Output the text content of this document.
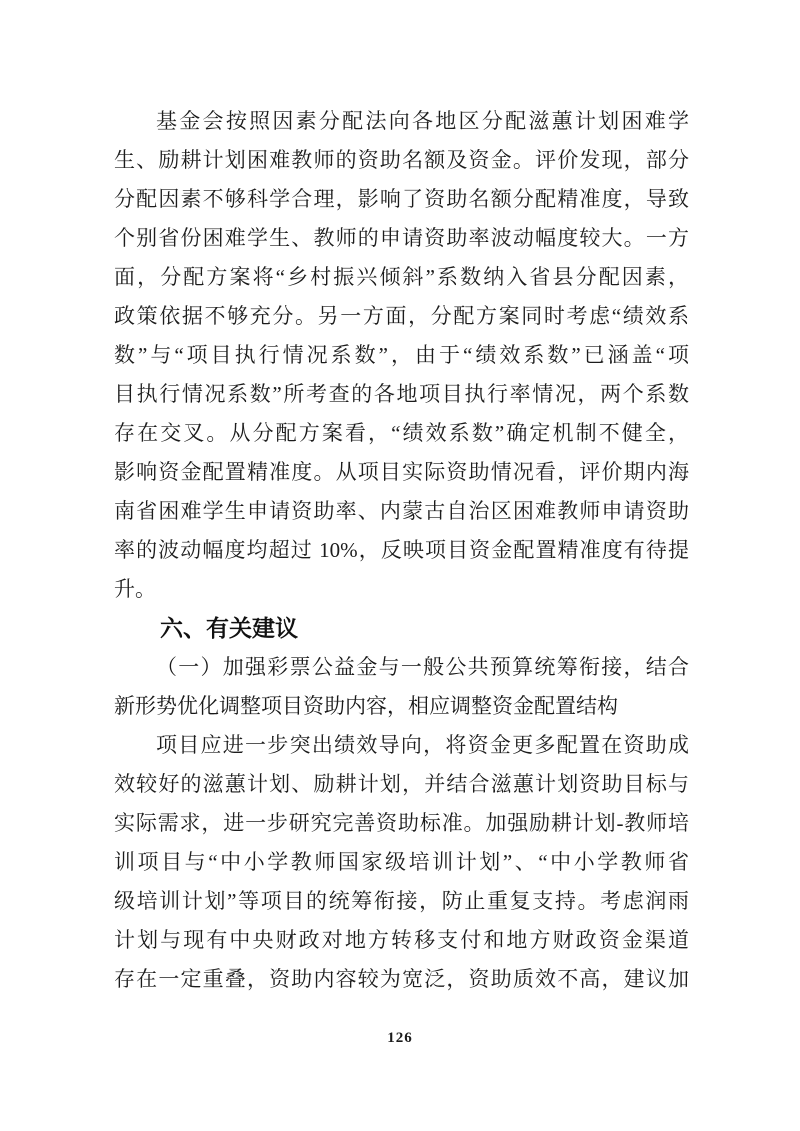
基金会按照因素分配法向各地区分配滋蕙计划困难学
生、励耕计划困难教师的资助名额及资金。评价发现，部分
分配因素不够科学合理，影响了资助名额分配精准度，导致
个别省份困难学生、教师的申请资助率波动幅度较大。一方
面，分配方案将“乡村振兴倾斜”系数纳入省县分配因素，
政策依据不够充分。另一方面，分配方案同时考虑“绩效系
数”与“项目执行情况系数”，由于“绩效系数”已涵盖“项
目执行情况系数”所考查的各地项目执行率情况，两个系数
存在交叉。从分配方案看，“绩效系数”确定机制不健全，
影响资金配置精准度。从项目实际资助情况看，评价期内海
南省困难学生申请资助率、内蒙古自治区困难教师申请资助
率的波动幅度均超过 10%，反映项目资金配置精准度有待提
升。
六、有关建议
（一）加强彩票公益金与一般公共预算统筹衔接，结合
新形势优化调整项目资助内容，相应调整资金配置结构
项目应进一步突出绩效导向，将资金更多配置在资助成
效较好的滋蕙计划、励耕计划，并结合滋蕙计划资助目标与
实际需求，进一步研究完善资助标准。加强励耕计划-教师培
训项目与“中小学教师国家级培训计划”、“中小学教师省
级培训计划”等项目的统筹衔接，防止重复支持。考虑润雨
计划与现有中央财政对地方转移支付和地方财政资金渠道
存在一定重叠，资助内容较为宽泛，资助质效不高，建议加
126
